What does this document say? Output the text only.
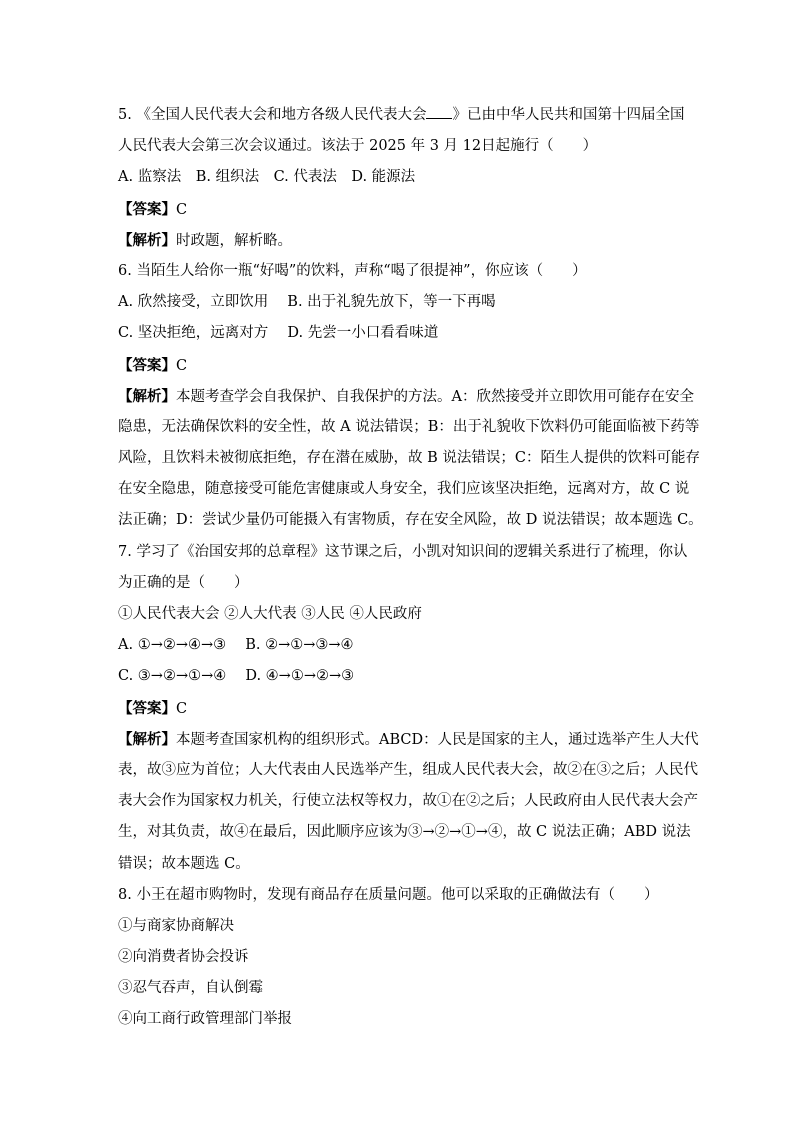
5. 《全国人民代表大会和地方各级人民代表大会 》已由中华人民共和国第十四届全国
人民代表大会第三次会议通过。该法于 2025 年 3 月 12日起施行（　　）
A. 监察法　B. 组织法　C. 代表法　D. 能源法
【答案】C
【解析】时政题，解析略。
6. 当陌生人给你一瓶“好喝”的饮料，声称“喝了很提神”，你应该（　　）
A. 欣然接受，立即饮用　 B. 出于礼貌先放下，等一下再喝
C. 坚决拒绝，远离对方　 D. 先尝一小口看看味道
【答案】C
【解析】本题考查学会自我保护、自我保护的方法。A：欣然接受并立即饮用可能存在安全
隐患，无法确保饮料的安全性，故 A 说法错误；B：出于礼貌收下饮料仍可能面临被下药等
风险，且饮料未被彻底拒绝，存在潜在威胁，故 B 说法错误；C：陌生人提供的饮料可能存
在安全隐患，随意接受可能危害健康或人身安全，我们应该坚决拒绝，远离对方，故 C 说
法正确；D：尝试少量仍可能摄入有害物质，存在安全风险，故 D 说法错误；故本题选 C。
7. 学习了《治国安邦的总章程》这节课之后，小凯对知识间的逻辑关系进行了梳理，你认
为正确的是（　　）
①人民代表大会 ②人大代表 ③人民 ④人民政府
A. ①→②→④→③　 B. ②→①→③→④
C. ③→②→①→④　 D. ④→①→②→③
【答案】C
【解析】本题考查国家机构的组织形式。ABCD：人民是国家的主人，通过选举产生人大代
表，故③应为首位；人大代表由人民选举产生，组成人民代表大会，故②在③之后；人民代
表大会作为国家权力机关，行使立法权等权力，故①在②之后；人民政府由人民代表大会产
生，对其负责，故④在最后，因此顺序应该为③→②→①→④，故 C 说法正确；ABD 说法
错误；故本题选 C。
8. 小王在超市购物时，发现有商品存在质量问题。他可以采取的正确做法有（　　）
①与商家协商解决
②向消费者协会投诉
③忍气吞声，自认倒霉
④向工商行政管理部门举报
